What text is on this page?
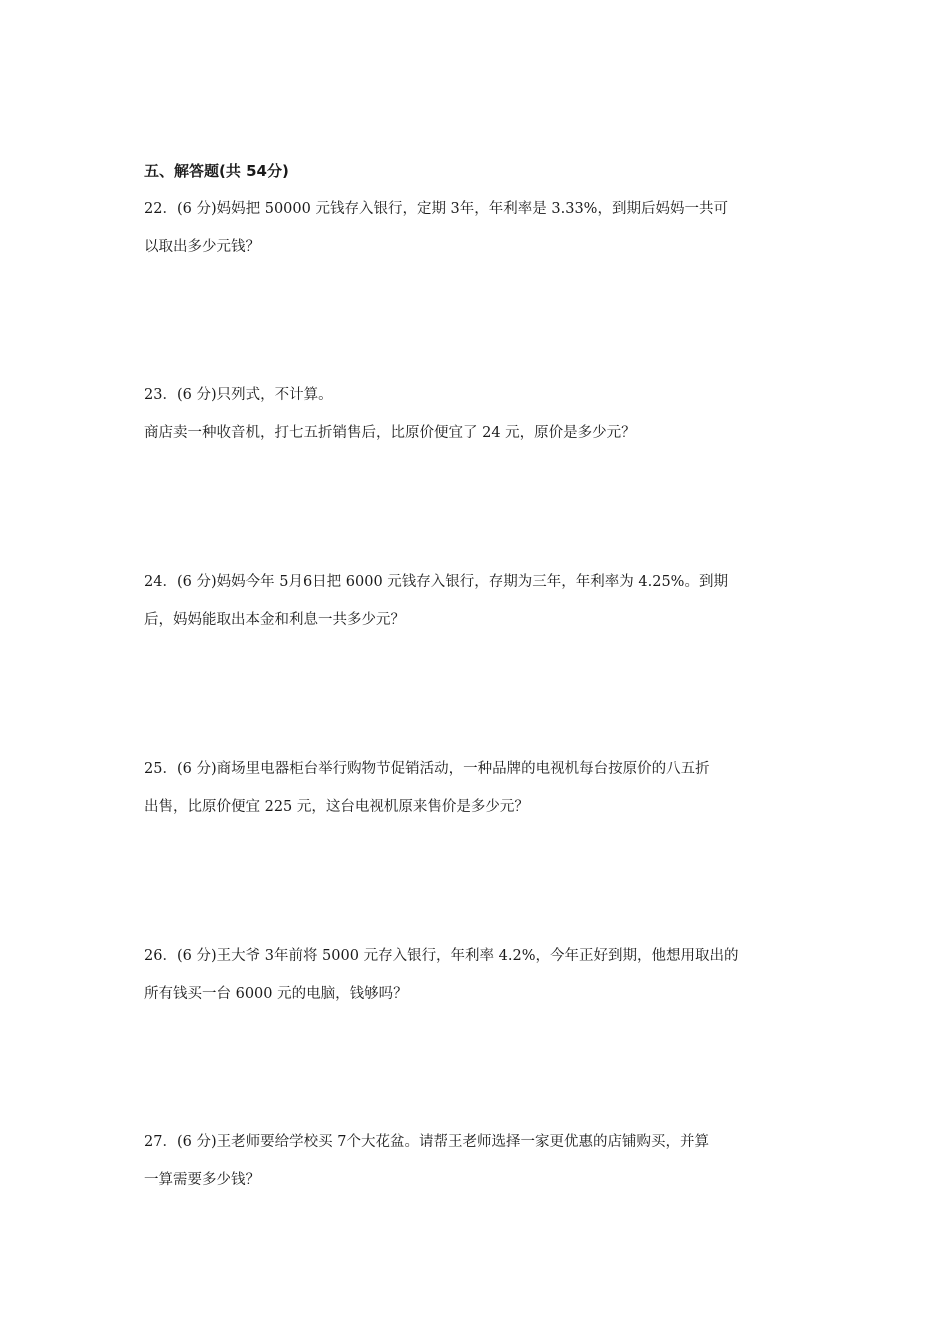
五、解答题(共 54分)
22．(6 分)妈妈把 50000 元钱存入银行，定期 3年，年利率是 3.33%，到期后妈妈一共可
以取出多少元钱？
23．(6 分)只列式，不计算。
商店卖一种收音机，打七五折销售后，比原价便宜了 24 元，原价是多少元？
24．(6 分)妈妈今年 5月6日把 6000 元钱存入银行，存期为三年，年利率为 4.25%。到期
后，妈妈能取出本金和利息一共多少元？
25．(6 分)商场里电器柜台举行购物节促销活动，一种品牌的电视机每台按原价的八五折
出售，比原价便宜 225 元，这台电视机原来售价是多少元？
26．(6 分)王大爷 3年前将 5000 元存入银行，年利率 4.2%，今年正好到期，他想用取出的
所有钱买一台 6000 元的电脑，钱够吗？
27．(6 分)王老师要给学校买 7个大花盆。请帮王老师选择一家更优惠的店铺购买，并算
一算需要多少钱？
